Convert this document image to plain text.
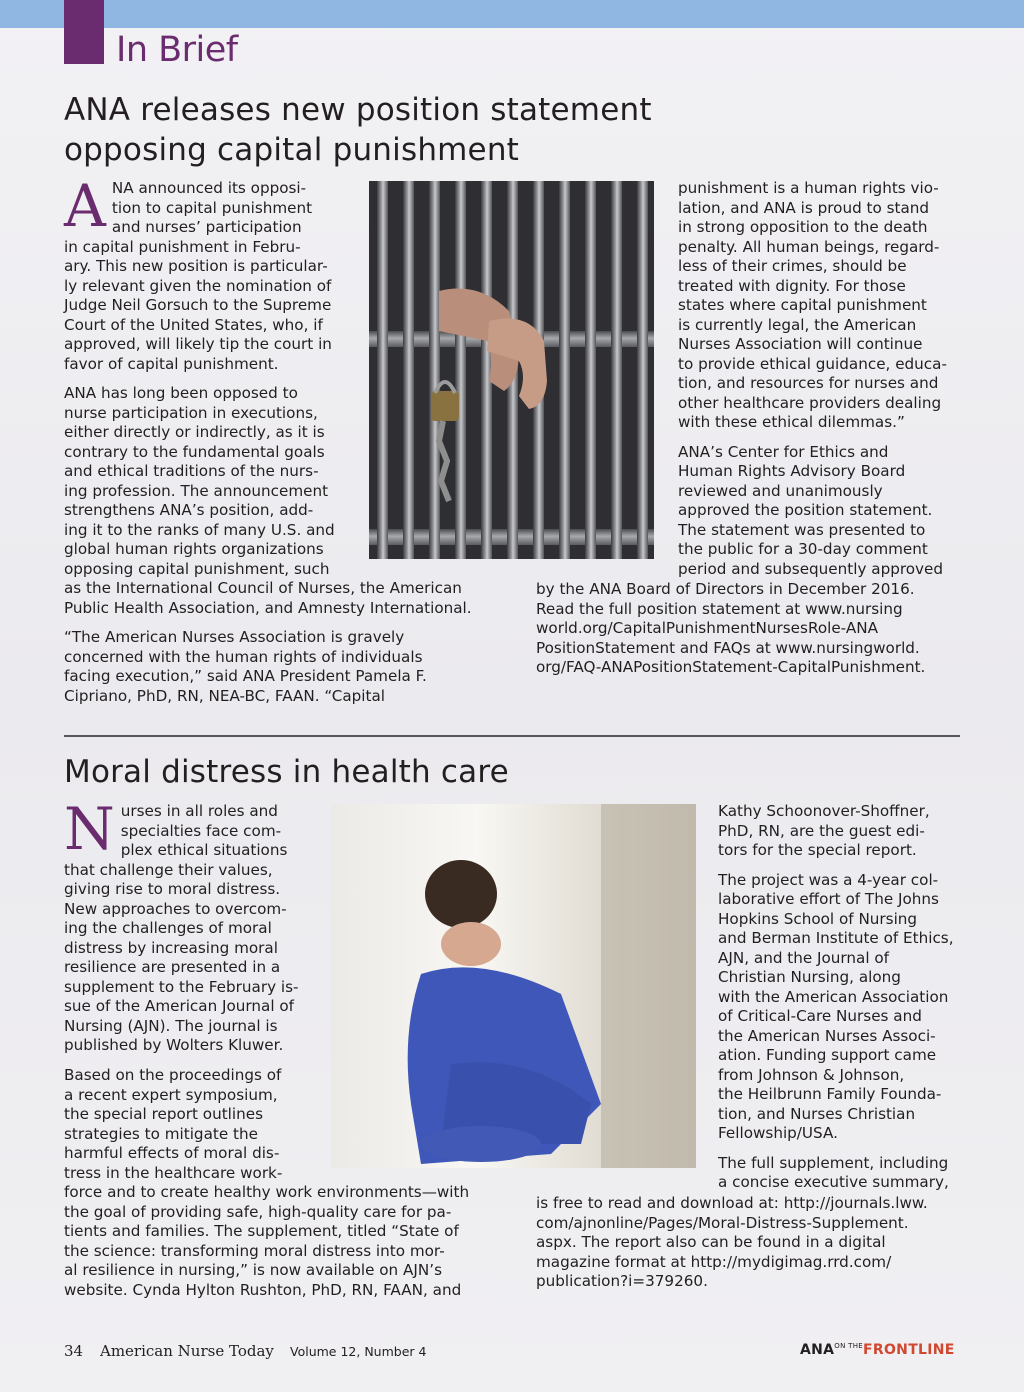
In Brief
ANA releases new position statement
opposing capital punishment

ANA announced its opposi-
tion to capital punishment
and nurses’ participation
in capital punishment in Febru-
ary. This new position is particular-
ly relevant given the nomination of
Judge Neil Gorsuch to the Supreme
Court of the United States, who, if
approved, will likely tip the court in
favor of capital punishment.

ANA has long been opposed to
nurse participation in executions,
either directly or indirectly, as it is
contrary to the fundamental goals
and ethical traditions of the nurs-
ing profession. The announcement
strengthens ANA’s position, add-
ing it to the ranks of many U.S. and
global human rights organizations
opposing capital punishment, such
as the International Council of Nurses, the American
Public Health Association, and Amnesty International.

“The American Nurses Association is gravely
concerned with the human rights of individuals
facing execution,” said ANA President Pamela F.
Cipriano, PhD, RN, NEA-BC, FAAN. “Capital

punishment is a human rights vio-
lation, and ANA is proud to stand
in strong opposition to the death
penalty. All human beings, regard-
less of their crimes, should be
treated with dignity. For those
states where capital punishment
is currently legal, the American
Nurses Association will continue
to provide ethical guidance, educa-
tion, and resources for nurses and
other healthcare providers dealing
with these ethical dilemmas.”

ANA’s Center for Ethics and
Human Rights Advisory Board
reviewed and unanimously
approved the position statement.
The statement was presented to
the public for a 30-day comment
period and subsequently approved

by the ANA Board of Directors in December 2016.
Read the full position statement at www.nursing
world.org/CapitalPunishmentNursesRole-ANA
PositionStatement and FAQs at www.nursingworld.
org/FAQ-ANAPositionStatement-CapitalPunishment.

Moral distress in health care

Nurses in all roles and
specialties face com-
plex ethical situations
that challenge their values,
giving rise to moral distress.
New approaches to overcom-
ing the challenges of moral
distress by increasing moral
resilience are presented in a
supplement to the February is-
sue of the American Journal of
Nursing (AJN). The journal is
published by Wolters Kluwer.

Based on the proceedings of
a recent expert symposium,
the special report outlines
strategies to mitigate the
harmful effects of moral dis-
tress in the healthcare work-
force and to create healthy work environments—with
the goal of providing safe, high-quality care for pa-
tients and families. The supplement, titled “State of
the science: transforming moral distress into mor-
al resilience in nursing,” is now available on AJN’s
website. Cynda Hylton Rushton, PhD, RN, FAAN, and

Kathy Schoonover-Shoffner,
PhD, RN, are the guest edi-
tors for the special report.

The project was a 4-year col-
laborative effort of The Johns
Hopkins School of Nursing
and Berman Institute of Ethics,
AJN, and the Journal of
Christian Nursing, along
with the American Association
of Critical-Care Nurses and
the American Nurses Associ-
ation. Funding support came
from Johnson & Johnson,
the Heilbrunn Family Founda-
tion, and Nurses Christian
Fellowship/USA.

The full supplement, including
a concise executive summary,

is free to read and download at: http://journals.lww.
com/ajnonline/Pages/Moral-Distress-Supplement.
aspx. The report also can be found in a digital
magazine format at http://mydigimag.rrd.com/
publication?i=379260.

34 American Nurse Today Volume 12, Number 4	$ANA^{ON THE}FRONTLINE$
